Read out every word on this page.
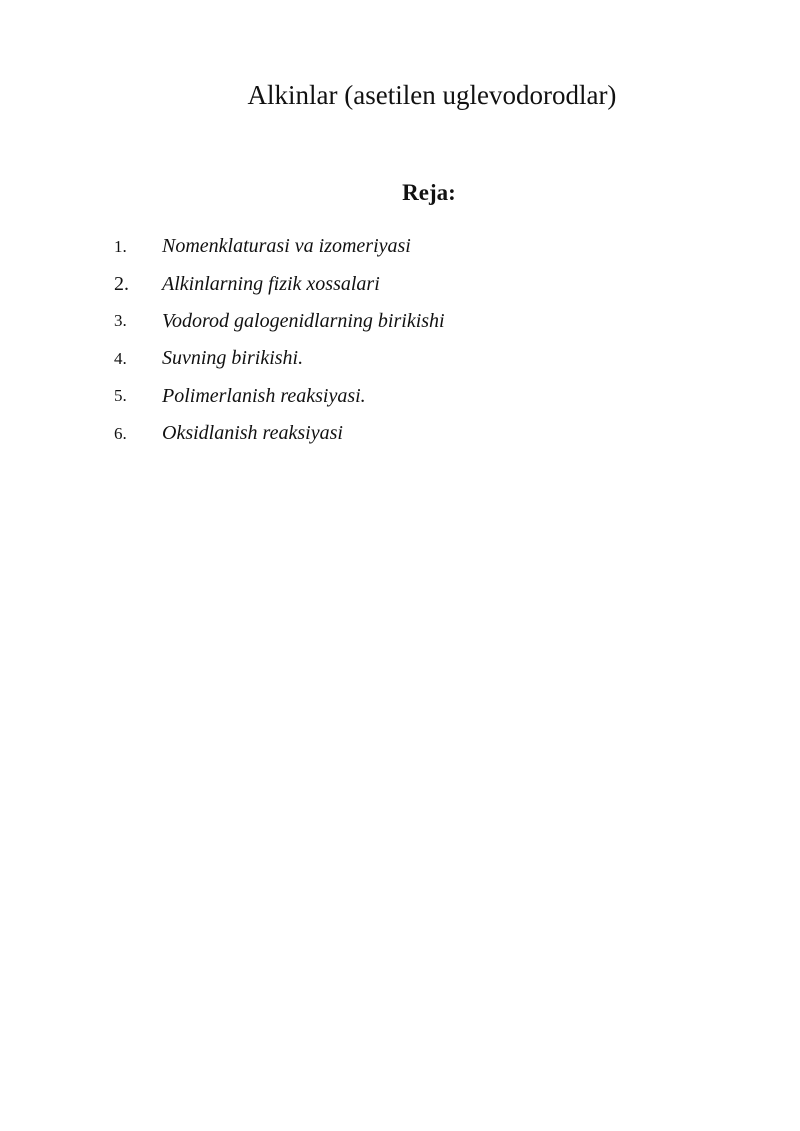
Alkinlar (asetilen uglevodorodlar)
Reja:
1.	Nomenklaturasi va izomeriyasi
2.	Alkinlarning fizik xossalari
3.	Vodorod galogenidlarning birikishi
4.	Suvning birikishi.
5.	Polimerlanish reaksiyasi.
6.	Oksidlanish reaksiyasi
